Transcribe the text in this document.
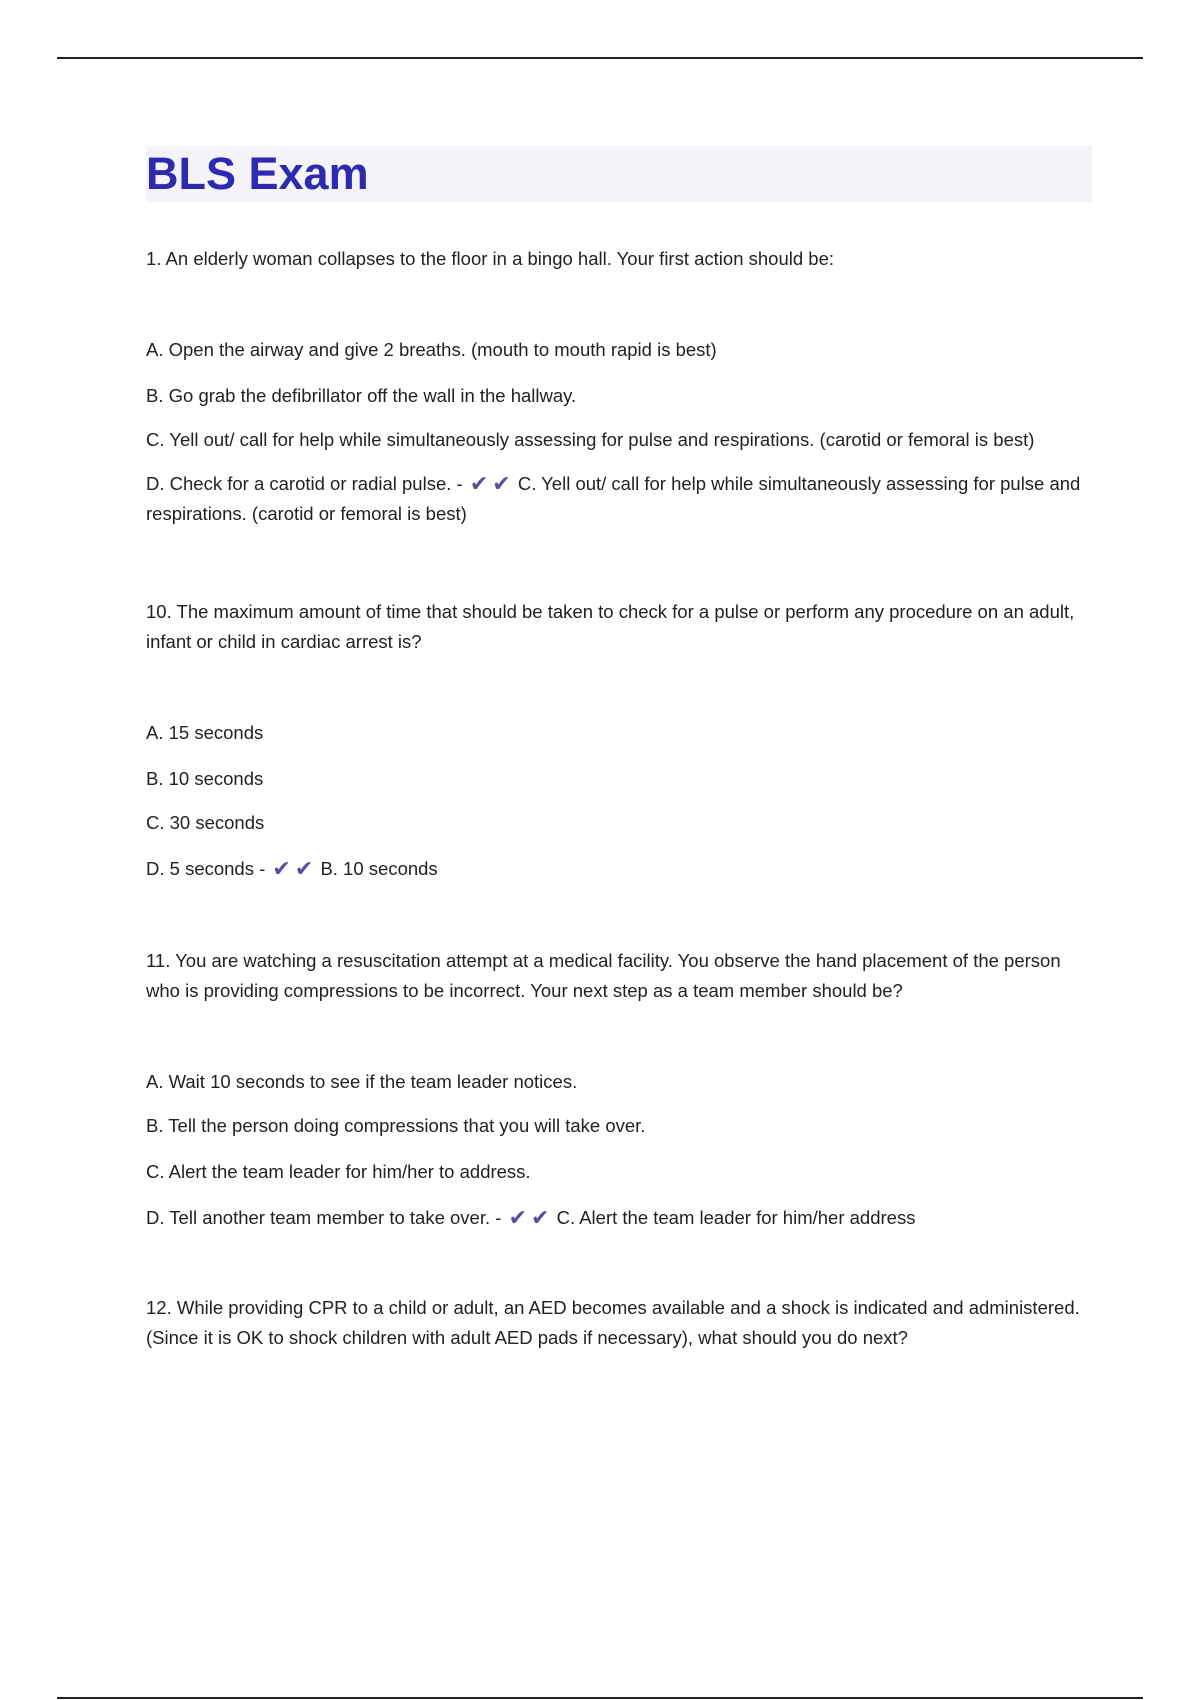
BLS Exam

1. An elderly woman collapses to the floor in a bingo hall. Your first action should be:

A. Open the airway and give 2 breaths. (mouth to mouth rapid is best)

B. Go grab the defibrillator off the wall in the hallway.

C. Yell out/ call for help while simultaneously assessing for pulse and respirations. (carotid or femoral is best)

D. Check for a carotid or radial pulse. - ✔ ✔ C. Yell out/ call for help while simultaneously assessing for pulse and respirations. (carotid or femoral is best)

10. The maximum amount of time that should be taken to check for a pulse or perform any procedure on an adult, infant or child in cardiac arrest is?

A. 15 seconds

B. 10 seconds

C. 30 seconds

D. 5 seconds - ✔ ✔ B. 10 seconds

11. You are watching a resuscitation attempt at a medical facility. You observe the hand placement of the person who is providing compressions to be incorrect. Your next step as a team member should be?

A. Wait 10 seconds to see if the team leader notices.

B. Tell the person doing compressions that you will take over.

C. Alert the team leader for him/her to address.

D. Tell another team member to take over. - ✔ ✔ C. Alert the team leader for him/her address

12. While providing CPR to a child or adult, an AED becomes available and a shock is indicated and administered. (Since it is OK to shock children with adult AED pads if necessary), what should you do next?
